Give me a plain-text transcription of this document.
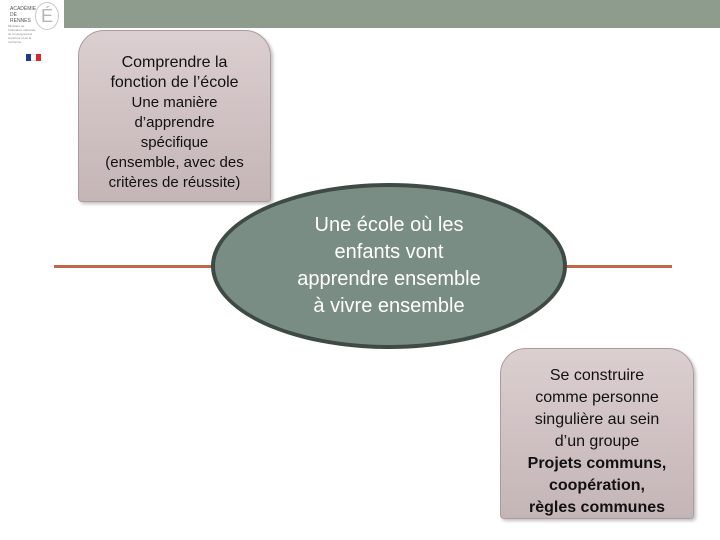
ACADÉMIE DE RENNES É
Ministère de l'éducation nationale, de l'enseignement supérieur et de la recherche
Comprendre la
fonction de l’école
Une manière
d’apprendre
spécifique
(ensemble, avec des
critères de réussite)
Une école où les
enfants vont
apprendre ensemble
à vivre ensemble
Se construire
comme personne
singulière au sein
d’un groupe
Projets communs,
coopération,
règles communes
